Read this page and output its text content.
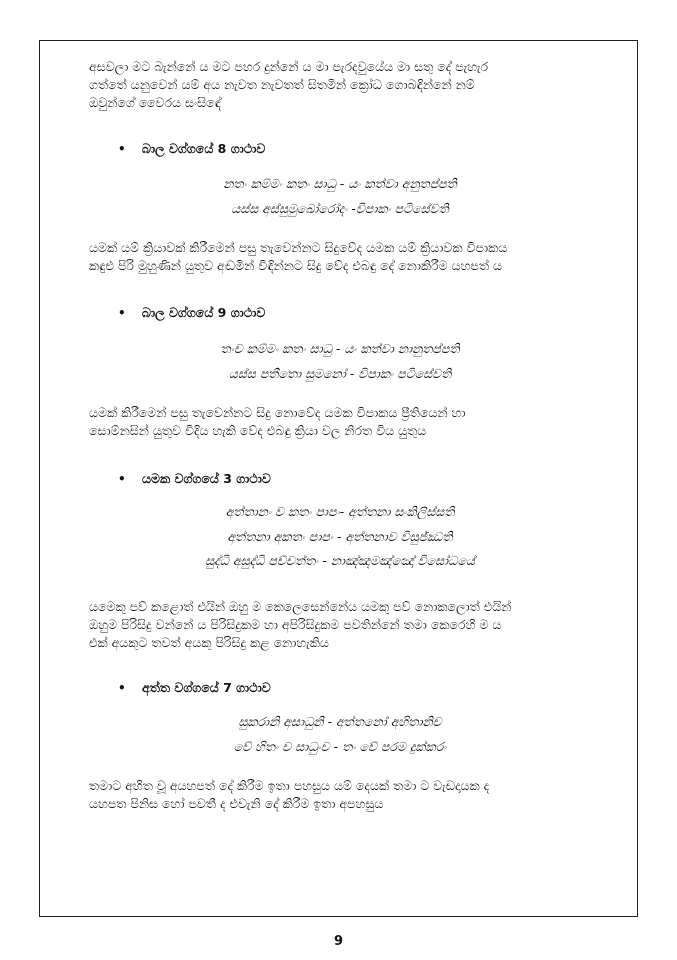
අසවලා මට බැන්නේ ය මට පහර දුන්නේ ය මා පැරදවුයේය මා සතු දේ පැහැර
ගත්තේ යනුවෙන් යම් අය නැවත නැවතත් සිතමින් ක්‍රෝධ ගොබඳින්නේ නම්
ඔවුන්ගේ වෛරය සංසිඳේ
•	බාල වග්ගයේ 8 ගාථාව
නතං කම්මං කතං සාධු - යං කත්වා අනුතප්පති
යස්ස අස්සුමුඛෝරෝදං -විපාකං පටිසේවති
යමක් යම් ක්‍රියාවක් කිරීමෙන් පසු තැවෙන්නට සිදුවේද යමක යම් ක්‍රියාවක විපාකය
කඳුළු පිරි මුහුණින් යුතුව අඬමින් විඳින්නට සිදු වේද එබඳු දේ නොකිරීම යහපත් ය
•	බාල වග්ගයේ 9 ගාථාව
තංච කම්මං කතං සාධු - යං කත්වා නානුතප්පති
යස්ස පතීතො සුමනෝ - විපාකං පටිසේවති
යමක් කිරීමෙන් පසු තැවෙන්නට සිදු නොවේද යමක විපාකය ප්‍රීතියෙන් හා
සොම්නසින් යුතුව විදිය හැකි වේද එබඳු ක්‍රියා වල නිරත විය යුතුය
•	යමක වග්ගයේ 3 ගාථාව
අත්තානං ව කතං පාපං- අත්තනා සංකිලිස්සති
අත්තනා අකතං පාපං - අත්තනාව විසුජ්ඣති
සුද්ධි අසුද්ධි පච්චත්තං - නාඤ්ඤමඤ්ඤෝ විසෝධයේ
යමෙකු පව් කළොත් එයින් ඔහු ම කෙලෙසෙන්නේය යමකු පව් නොකලොත් එයින්
ඔහුම පිරිසිදු වන්නේ ය පිරිසිදුකම හා අපිරිසිදුකම පවතින්නේ තමා කෙරෙහි ම ය
එක් අයකුට තවත් අයකු පිරිසිදු කළ නොහැකිය
•	අත්ත වග්ගයේ 7 ගාථාව
සුකරානි අසාධුනි - අත්තනෝ අහිතානිච
වේ හිතං ච සාධුංච - තං වේ පරම දුක්කරං
තමාට අහිත වූ අයහපත් දේ කිරීම ඉතා පහසුය යම් දෙයක් තමා ට වැඩදායක ද
යහපත පිනිස හෝ පවතී ද එවැනි දේ කිරීම ඉතා අපහසුය
9
